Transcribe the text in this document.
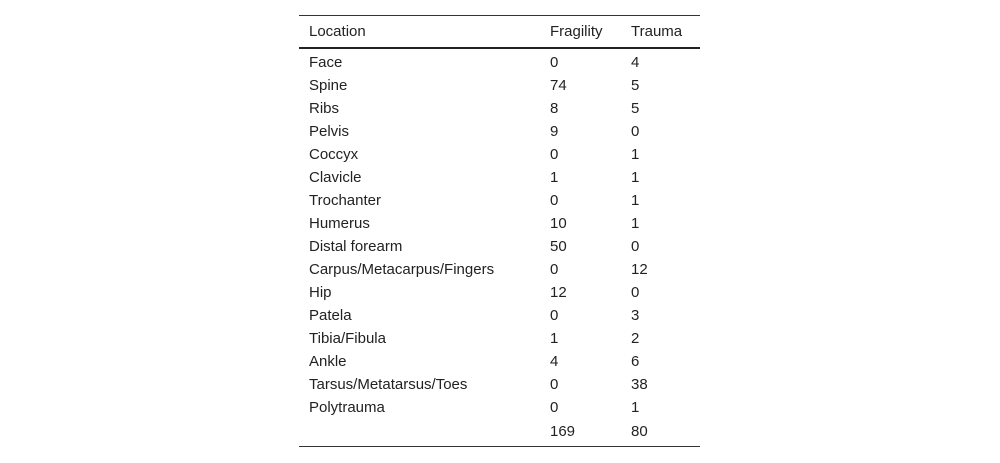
Location	Fragility	Trauma
Face	0	4
Spine	74	5
Ribs	8	5
Pelvis	9	0
Coccyx	0	1
Clavicle	1	1
Trochanter	0	1
Humerus	10	1
Distal forearm	50	0
Carpus/Metacarpus/Fingers	0	12
Hip	12	0
Patela	0	3
Tibia/Fibula	1	2
Ankle	4	6
Tarsus/Metatarsus/Toes	0	38
Polytrauma	0	1
	169	80
